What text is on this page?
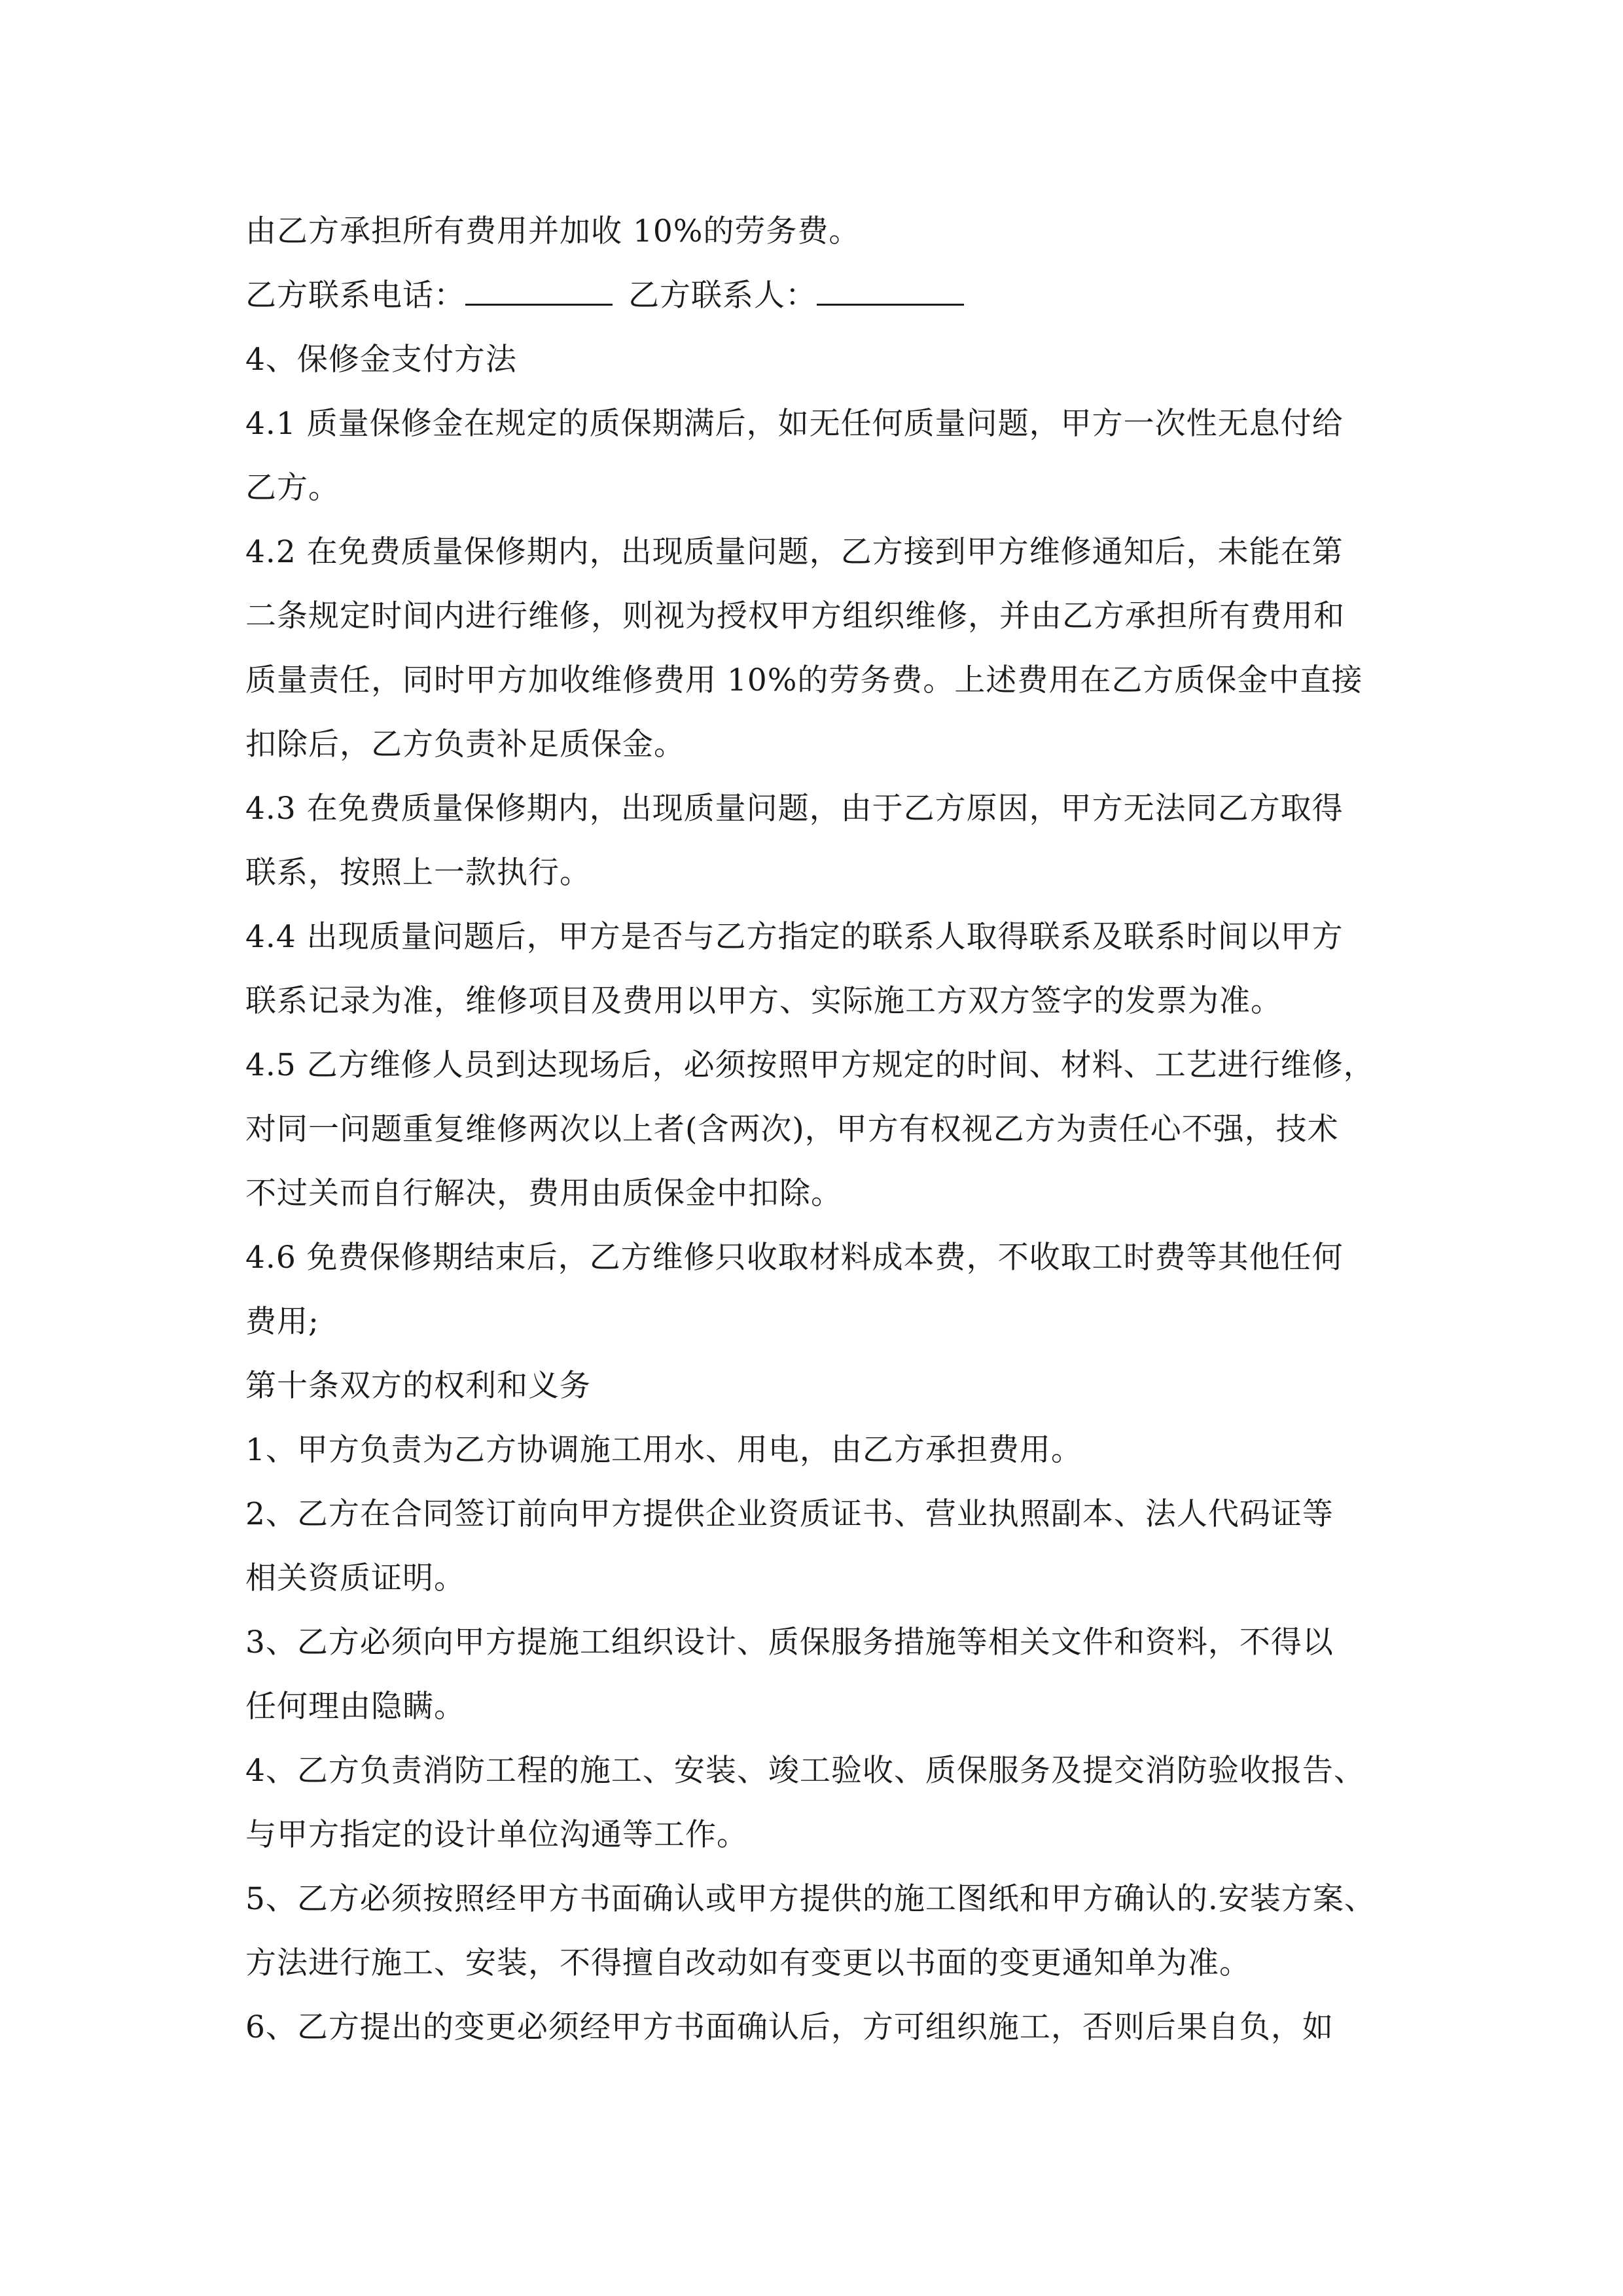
由乙方承担所有费用并加收 10%的劳务费。
乙方联系电话：	乙方联系人：
4、保修金支付方法
4.1 质量保修金在规定的质保期满后，如无任何质量问题，甲方一次性无息付给
乙方。
4.2 在免费质量保修期内，出现质量问题，乙方接到甲方维修通知后，未能在第
二条规定时间内进行维修，则视为授权甲方组织维修，并由乙方承担所有费用和
质量责任，同时甲方加收维修费用 10%的劳务费。上述费用在乙方质保金中直接
扣除后，乙方负责补足质保金。
4.3 在免费质量保修期内，出现质量问题，由于乙方原因，甲方无法同乙方取得
联系，按照上一款执行。
4.4 出现质量问题后，甲方是否与乙方指定的联系人取得联系及联系时间以甲方
联系记录为准，维修项目及费用以甲方、实际施工方双方签字的发票为准。
4.5 乙方维修人员到达现场后，必须按照甲方规定的时间、材料、工艺进行维修，
对同一问题重复维修两次以上者(含两次)，甲方有权视乙方为责任心不强，技术
不过关而自行解决，费用由质保金中扣除。
4.6 免费保修期结束后，乙方维修只收取材料成本费，不收取工时费等其他任何
费用;
第十条双方的权利和义务
1、甲方负责为乙方协调施工用水、用电，由乙方承担费用。
2、乙方在合同签订前向甲方提供企业资质证书、营业执照副本、法人代码证等
相关资质证明。
3、乙方必须向甲方提施工组织设计、质保服务措施等相关文件和资料，不得以
任何理由隐瞒。
4、乙方负责消防工程的施工、安装、竣工验收、质保服务及提交消防验收报告、
与甲方指定的设计单位沟通等工作。
5、乙方必须按照经甲方书面确认或甲方提供的施工图纸和甲方确认的.安装方案、
方法进行施工、安装，不得擅自改动如有变更以书面的变更通知单为准。
6、乙方提出的变更必须经甲方书面确认后，方可组织施工，否则后果自负，如
